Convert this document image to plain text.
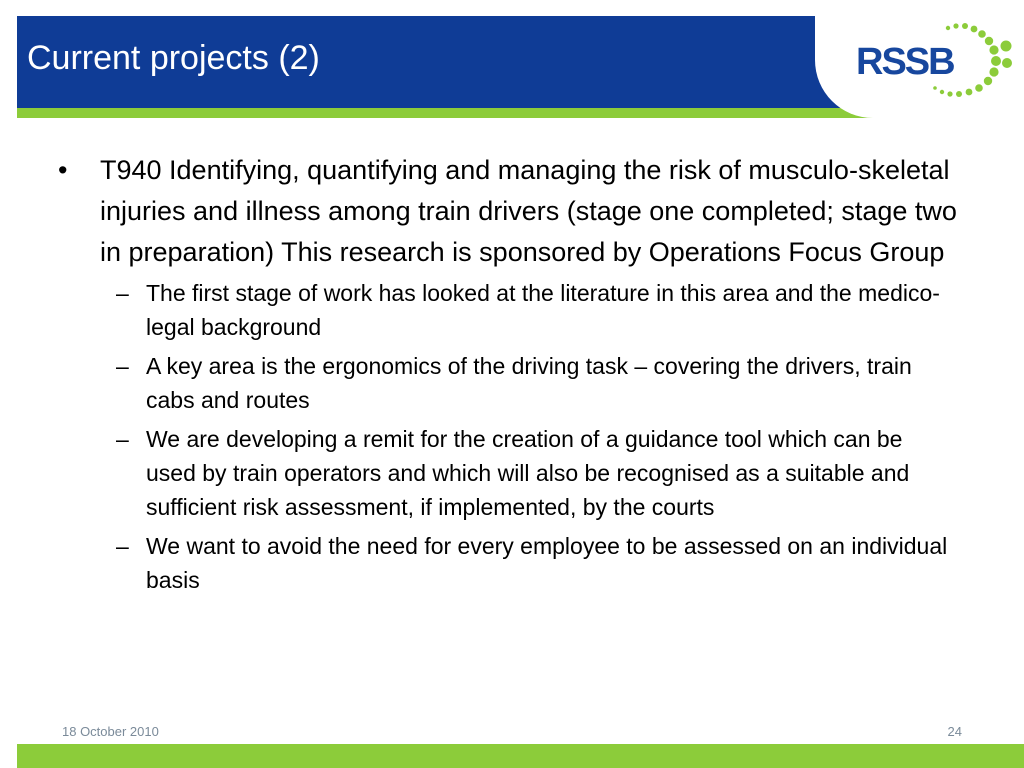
Current projects (2)	RSSB
• T940 Identifying, quantifying and managing the risk of musculo-skeletal injuries and illness among train drivers (stage one completed; stage two in preparation) This research is sponsored by Operations Focus Group
– The first stage of work has looked at the literature in this area and the medico-legal background
– A key area is the ergonomics of the driving task – covering the drivers, train cabs and routes
– We are developing a remit for the creation of a guidance tool which can be used by train operators and which will also be recognised as a suitable and sufficient risk assessment, if implemented, by the courts
– We want to avoid the need for every employee to be assessed on an individual basis
18 October 2010	24
